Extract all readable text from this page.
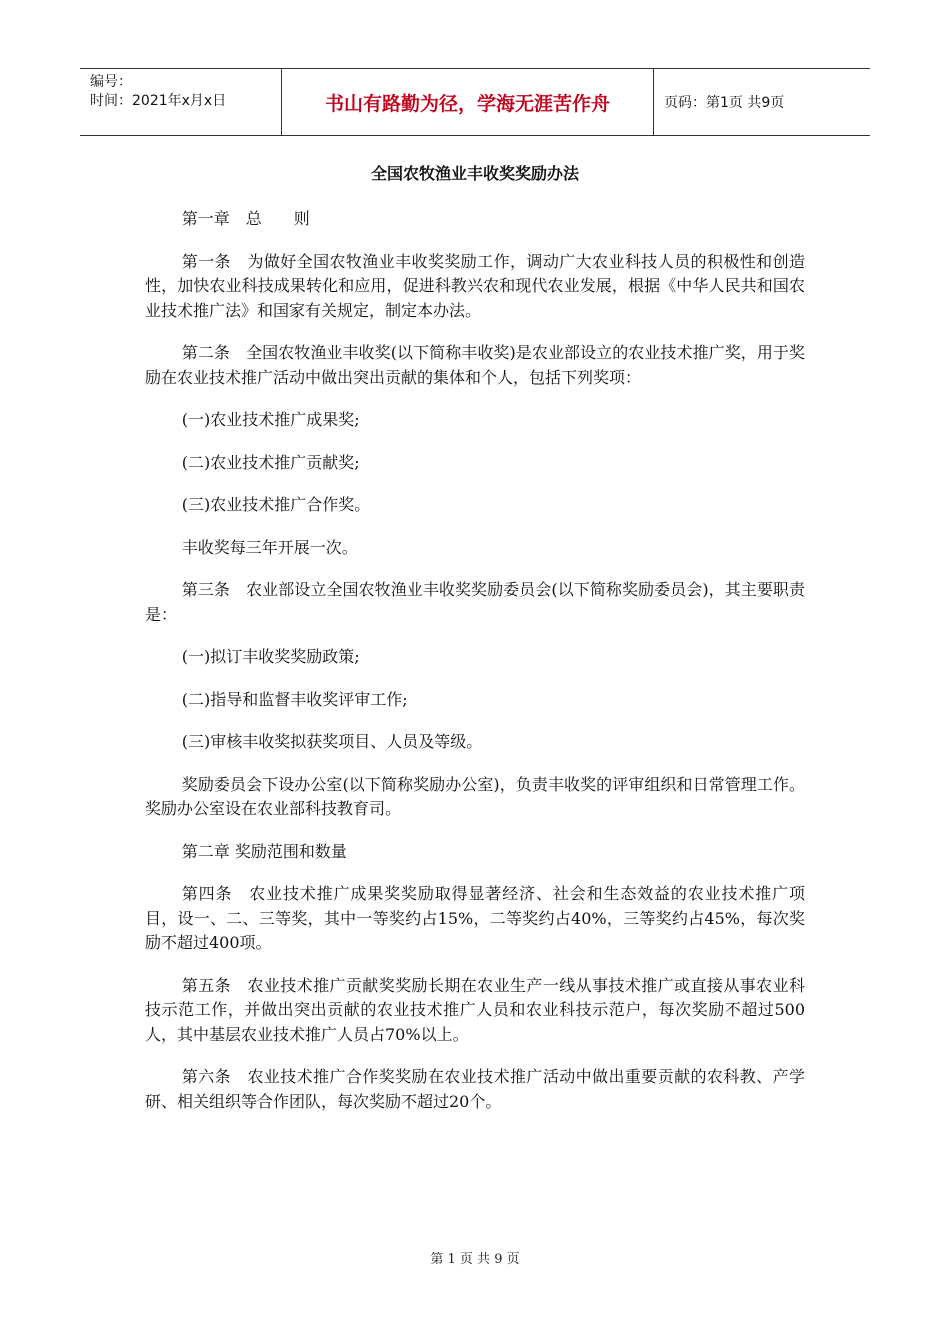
编号：
时间：2021年x月x日	书山有路勤为径，学海无涯苦作舟	页码：第1页 共9页
全国农牧渔业丰收奖奖励办法

第一章　总　　则

第一条　为做好全国农牧渔业丰收奖奖励工作，调动广大农业科技人员的积极性和创造性，加快农业科技成果转化和应用，促进科教兴农和现代农业发展，根据《中华人民共和国农业技术推广法》和国家有关规定，制定本办法。

第二条　全国农牧渔业丰收奖(以下简称丰收奖)是农业部设立的农业技术推广奖，用于奖励在农业技术推广活动中做出突出贡献的集体和个人，包括下列奖项：

(一)农业技术推广成果奖;

(二)农业技术推广贡献奖;

(三)农业技术推广合作奖。

丰收奖每三年开展一次。

第三条　农业部设立全国农牧渔业丰收奖奖励委员会(以下简称奖励委员会)，其主要职责是：

(一)拟订丰收奖奖励政策;

(二)指导和监督丰收奖评审工作;

(三)审核丰收奖拟获奖项目、人员及等级。

奖励委员会下设办公室(以下简称奖励办公室)，负责丰收奖的评审组织和日常管理工作。奖励办公室设在农业部科技教育司。

第二章 奖励范围和数量

第四条　农业技术推广成果奖奖励取得显著经济、社会和生态效益的农业技术推广项目，设一、二、三等奖，其中一等奖约占15%，二等奖约占40%，三等奖约占45%，每次奖励不超过400项。

第五条　农业技术推广贡献奖奖励长期在农业生产一线从事技术推广或直接从事农业科技示范工作，并做出突出贡献的农业技术推广人员和农业科技示范户，每次奖励不超过500人，其中基层农业技术推广人员占70%以上。

第六条　农业技术推广合作奖奖励在农业技术推广活动中做出重要贡献的农科教、产学研、相关组织等合作团队，每次奖励不超过20个。

第 1 页 共 9 页
